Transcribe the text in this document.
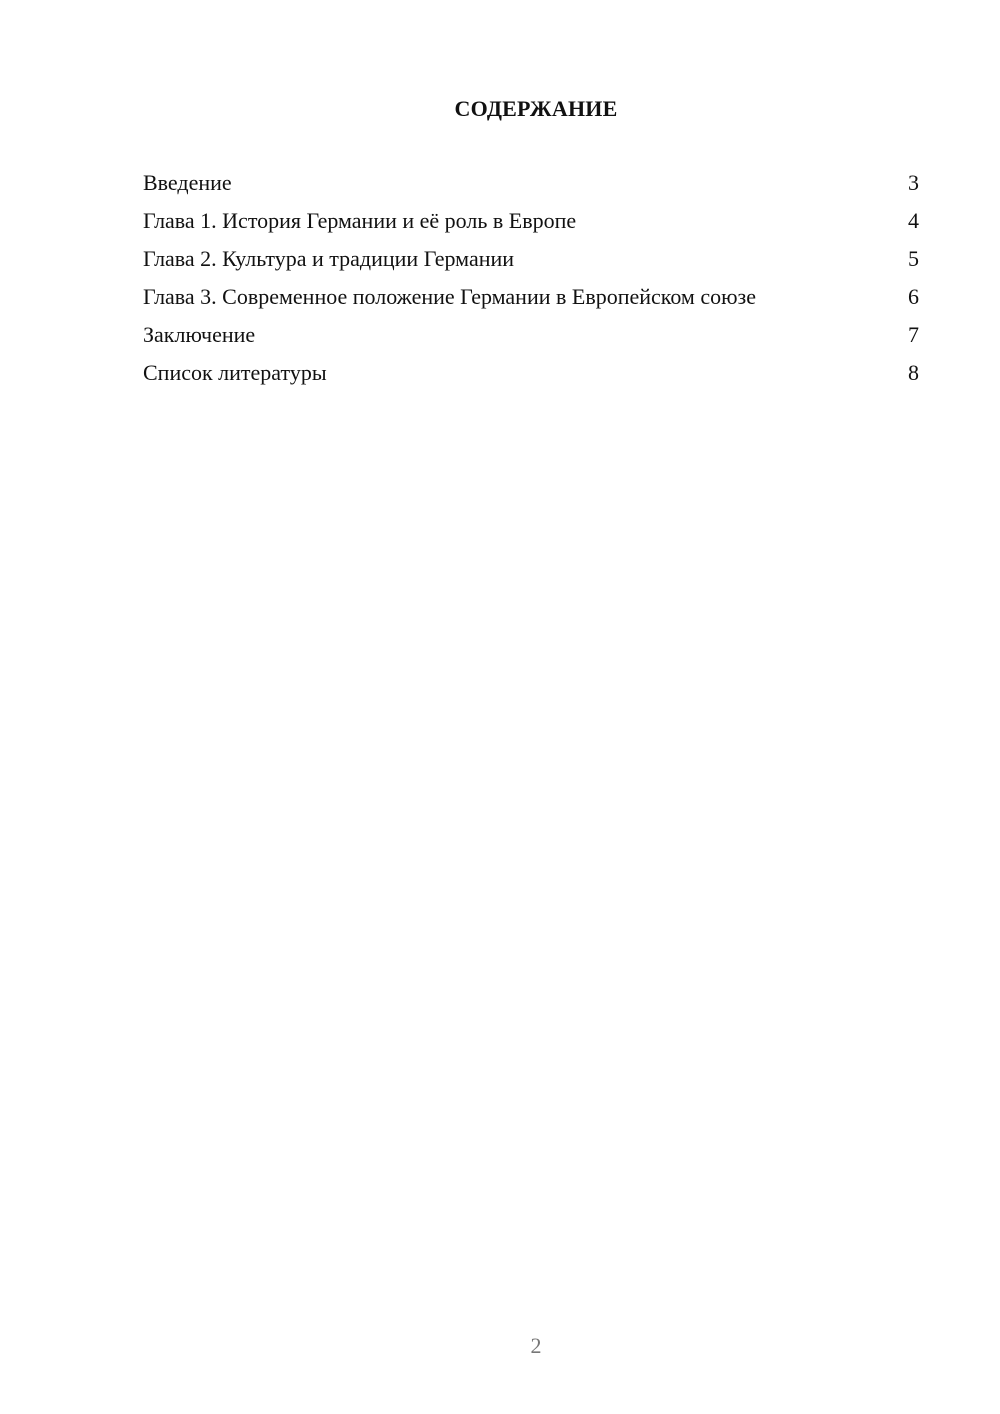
СОДЕРЖАНИЕ
Введение	3
Глава 1. История Германии и её роль в Европе	4
Глава 2. Культура и традиции Германии	5
Глава 3. Современное положение Германии в Европейском союзе	6
Заключение	7
Список литературы	8
2
